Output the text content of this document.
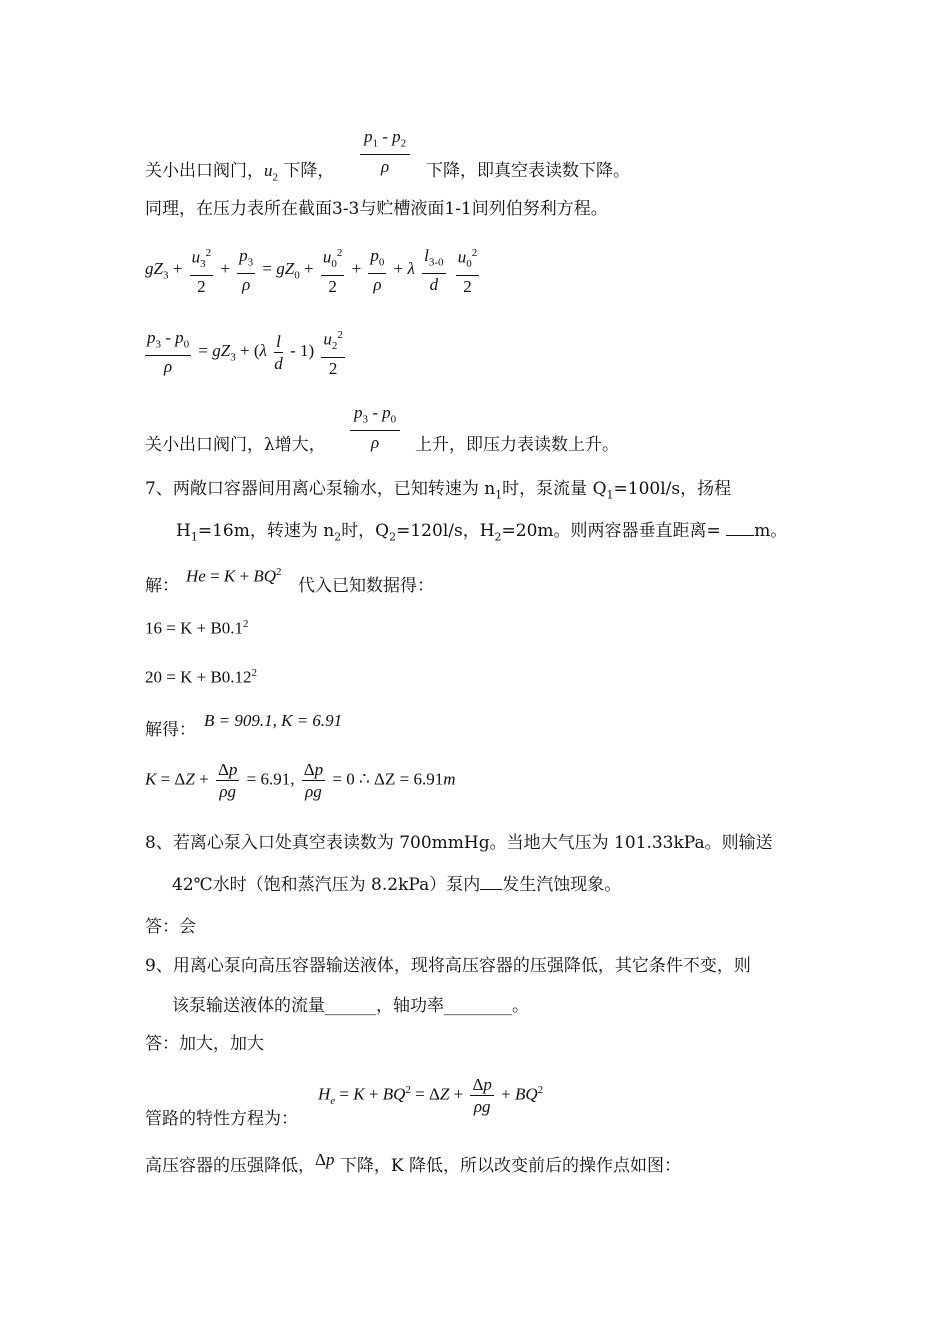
$p_1 - p_2$
ρ
关小出口阀门，$u_2$ 下降，	下降，即真空表读数下降。
同理，在压力表所在截面3-3与贮槽液面1-1间列伯努利方程。
$gZ_3 + \frac{u_3^2}{2} + \frac{p_3}{\rho} = gZ_0 + \frac{u_0^2}{2} + \frac{p_0}{\rho} + \lambda \frac{l_{3-0}}{d}$
$\frac{u_0^2}{2}$
$\frac{p_3 - p_0}{\rho} = gZ_3 + (\lambda \frac{l}{d} - 1) \frac{u_2^2}{2}$
$p_3 - p_0$
ρ
关小出口阀门，λ增大，	上升，即压力表读数上升。
7、两敞口容器间用离心泵输水，已知转速为 $n_1$时，泵流量 $Q_1=100l/s$，扬程
$H_1=16m$，转速为 $n_2$时，$Q_2=120l/s$，$H_2=20m$。则两容器垂直距离= m。
解： $He = K + BQ^2$
代入已知数据得：
$16 = K + B0.1^2$
$20 = K + B0.12^2$
解得： B = 909.1, K = 6.91
$K = \Delta Z + \frac{\Delta p}{\rho g} = 6.91$, $\frac{\Delta p}{\rho g} = 0$ ∴ ΔZ = 6.91m
8、若离心泵入口处真空表读数为 700mmHg。当地大气压为 101.33kPa。则输送
42℃水时（饱和蒸汽压为 8.2kPa）泵内 发生汽蚀现象。
答：会
9、用离心泵向高压容器输送液体，现将高压容器的压强降低，其它条件不变，则
该泵输送液体的流量______，轴功率________。
答：加大，加大
$H_e = K + BQ^2 = \Delta Z + \frac{\Delta p}{\rho g} + BQ^2$
管路的特性方程为：
高压容器的压强降低，Δp 下降，K 降低，所以改变前后的操作点如图：
